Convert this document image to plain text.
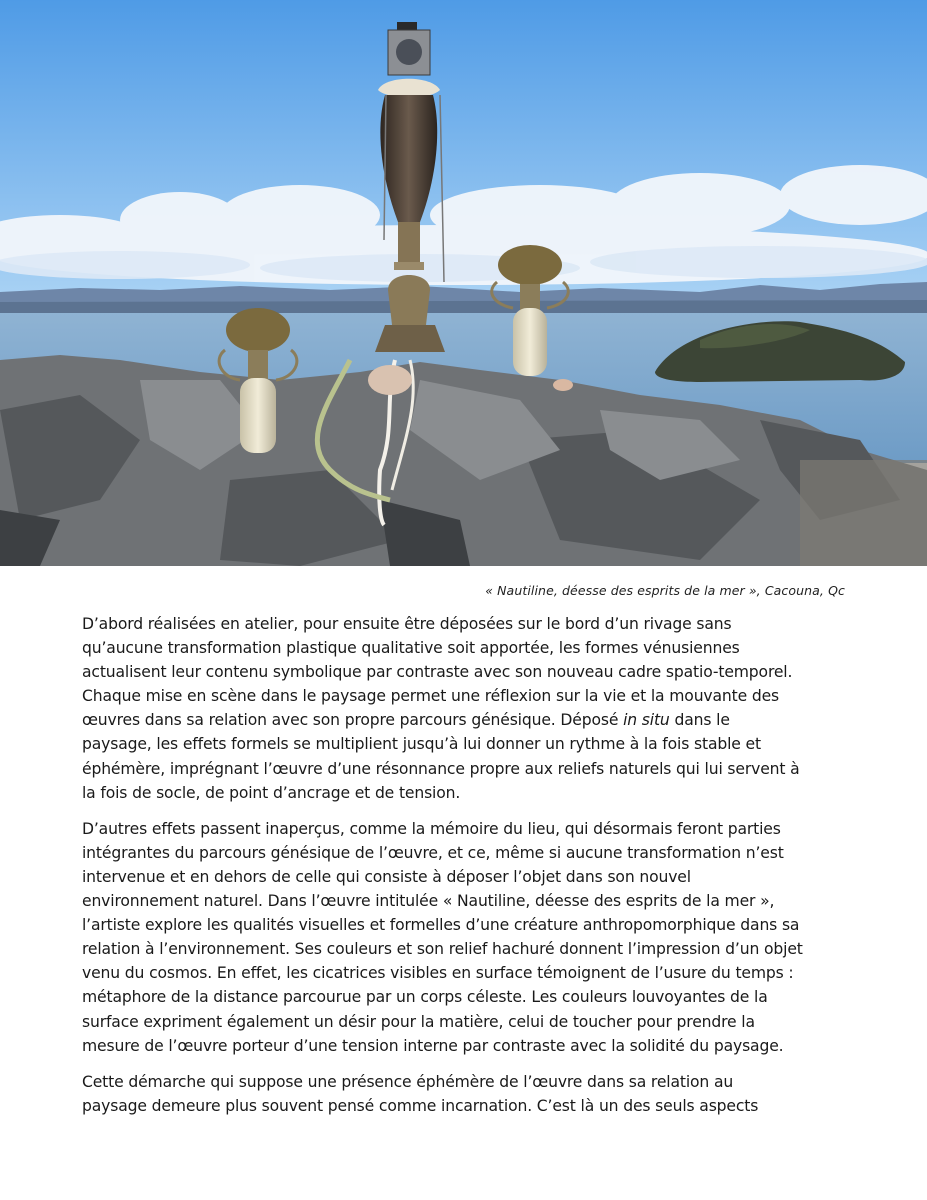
« Nautiline, déesse des esprits de la mer », Cacouna, Qc

D’abord réalisées en atelier, pour ensuite être déposées sur le bord d’un rivage sans
qu’aucune transformation plastique qualitative soit apportée, les formes vénusiennes
actualisent leur contenu symbolique par contraste avec son nouveau cadre spatio-temporel.
Chaque mise en scène dans le paysage permet une réflexion sur la vie et la mouvante des
œuvres dans sa relation avec son propre parcours génésique. Déposé in situ dans le
paysage, les effets formels se multiplient jusqu’à lui donner un rythme à la fois stable et
éphémère, imprégnant l’œuvre d’une résonnance propre aux reliefs naturels qui lui servent à
la fois de socle, de point d’ancrage et de tension.

D’autres effets passent inaperçus, comme la mémoire du lieu, qui désormais feront parties
intégrantes du parcours génésique de l’œuvre, et ce, même si aucune transformation n’est
intervenue et en dehors de celle qui consiste à déposer l’objet dans son nouvel
environnement naturel. Dans l’œuvre intitulée « Nautiline, déesse des esprits de la mer »,
l’artiste explore les qualités visuelles et formelles d’une créature anthropomorphique dans sa
relation à l’environnement. Ses couleurs et son relief hachuré donnent l’impression d’un objet
venu du cosmos. En effet, les cicatrices visibles en surface témoignent de l’usure du temps :
métaphore de la distance parcourue par un corps céleste. Les couleurs louvoyantes de la
surface expriment également un désir pour la matière, celui de toucher pour prendre la
mesure de l’œuvre porteur d’une tension interne par contraste avec la solidité du paysage.

Cette démarche qui suppose une présence éphémère de l’œuvre dans sa relation au
paysage demeure plus souvent pensé comme incarnation. C’est là un des seuls aspects
